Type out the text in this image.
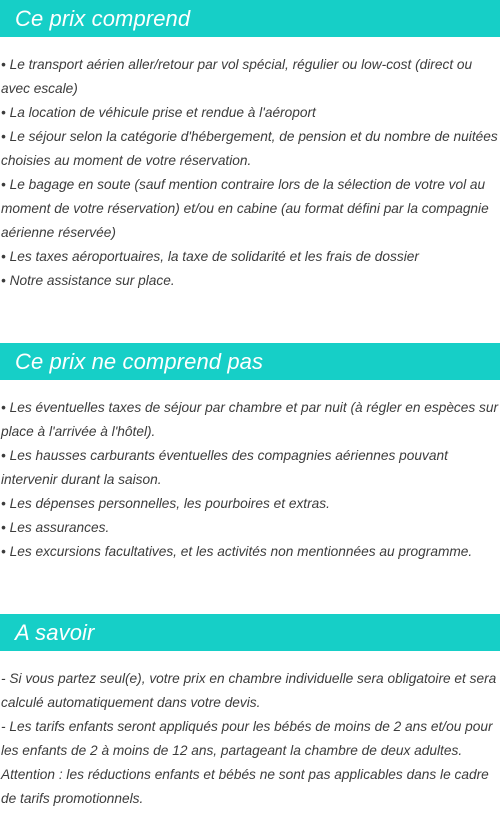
Ce prix comprend

• Le transport aérien aller/retour par vol spécial, régulier ou low-cost (direct ou avec escale)

• La location de véhicule prise et rendue à l'aéroport

• Le séjour selon la catégorie d'hébergement, de pension et du nombre de nuitées choisies au moment de votre réservation.

• Le bagage en soute (sauf mention contraire lors de la sélection de votre vol au moment de votre réservation) et/ou en cabine (au format défini par la compagnie aérienne réservée)

• Les taxes aéroportuaires, la taxe de solidarité et les frais de dossier

• Notre assistance sur place.

Ce prix ne comprend pas

• Les éventuelles taxes de séjour par chambre et par nuit (à régler en espèces sur place à l'arrivée à l'hôtel).

• Les hausses carburants éventuelles des compagnies aériennes pouvant intervenir durant la saison.

• Les dépenses personnelles, les pourboires et extras.

• Les assurances.

• Les excursions facultatives, et les activités non mentionnées au programme.

A savoir

- Si vous partez seul(e), votre prix en chambre individuelle sera obligatoire et sera calculé automatiquement dans votre devis.

- Les tarifs enfants seront appliqués pour les bébés de moins de 2 ans et/ou pour les enfants de 2 à moins de 12 ans, partageant la chambre de deux adultes.

Attention : les réductions enfants et bébés ne sont pas applicables dans le cadre de tarifs promotionnels.
